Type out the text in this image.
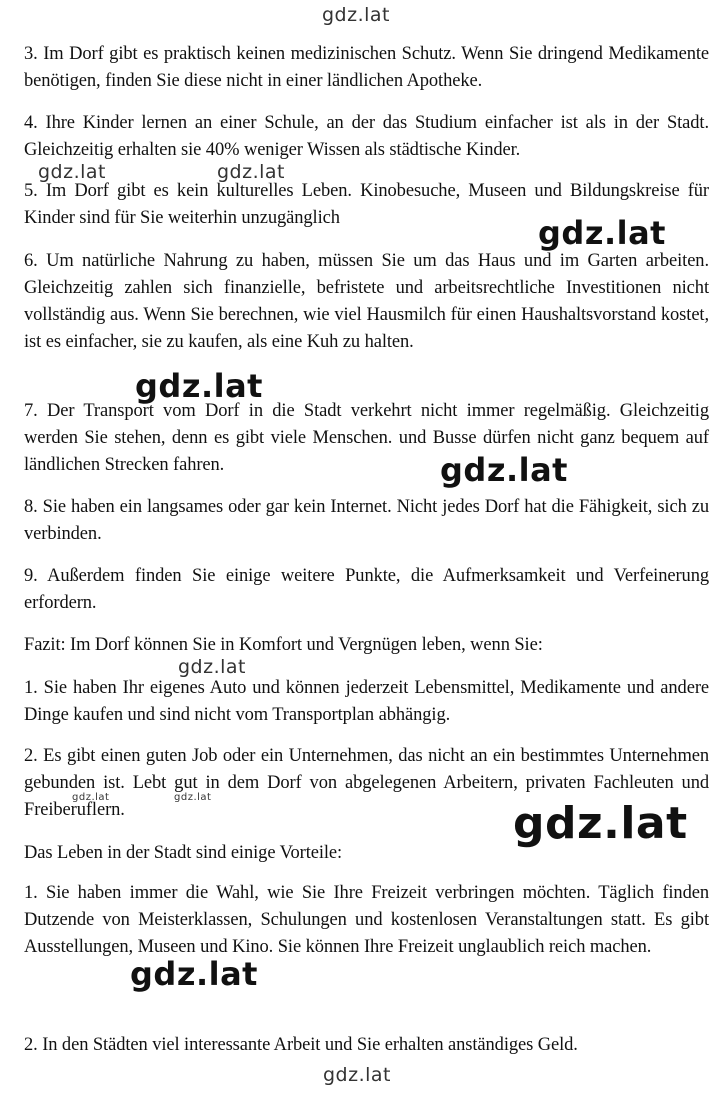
3. Im Dorf gibt es praktisch keinen medizinischen Schutz. Wenn Sie dringend Medikamente benötigen, finden Sie diese nicht in einer ländlichen Apotheke.

4. Ihre Kinder lernen an einer Schule, an der das Studium einfacher ist als in der Stadt. Gleichzeitig erhalten sie 40% weniger Wissen als städtische Kinder.

5. Im Dorf gibt es kein kulturelles Leben. Kinobesuche, Museen und Bildungskreise für Kinder sind für Sie weiterhin unzugänglich

6. Um natürliche Nahrung zu haben, müssen Sie um das Haus und im Garten arbeiten. Gleichzeitig zahlen sich finanzielle, befristete und arbeitsrechtliche Investitionen nicht vollständig aus. Wenn Sie berechnen, wie viel Hausmilch für einen Haushaltsvorstand kostet, ist es einfacher, sie zu kaufen, als eine Kuh zu halten.

7. Der Transport vom Dorf in die Stadt verkehrt nicht immer regelmäßig. Gleichzeitig werden Sie stehen, denn es gibt viele Menschen. und Busse dürfen nicht ganz bequem auf ländlichen Strecken fahren.

8. Sie haben ein langsames oder gar kein Internet. Nicht jedes Dorf hat die Fähigkeit, sich zu verbinden.

9. Außerdem finden Sie einige weitere Punkte, die Aufmerksamkeit und Verfeinerung erfordern.

Fazit: Im Dorf können Sie in Komfort und Vergnügen leben, wenn Sie:

1. Sie haben Ihr eigenes Auto und können jederzeit Lebensmittel, Medikamente und andere Dinge kaufen und sind nicht vom Transportplan abhängig.

2. Es gibt einen guten Job oder ein Unternehmen, das nicht an ein bestimmtes Unternehmen gebunden ist. Lebt gut in dem Dorf von abgelegenen Arbeitern, privaten Fachleuten und Freiberuflern.

Das Leben in der Stadt sind einige Vorteile:

1. Sie haben immer die Wahl, wie Sie Ihre Freizeit verbringen möchten. Täglich finden Dutzende von Meisterklassen, Schulungen und kostenlosen Veranstaltungen statt. Es gibt Ausstellungen, Museen und Kino. Sie können Ihre Freizeit unglaublich reich machen.

2. In den Städten viel interessante Arbeit und Sie erhalten anständiges Geld.

gdz.lat
gdz.lat	gdz.lat
gdz.lat
gdz.lat
gdz.lat
gdz.lat
gdz.lat	gdz.lat
gdz.lat
gdz.lat
gdz.lat
